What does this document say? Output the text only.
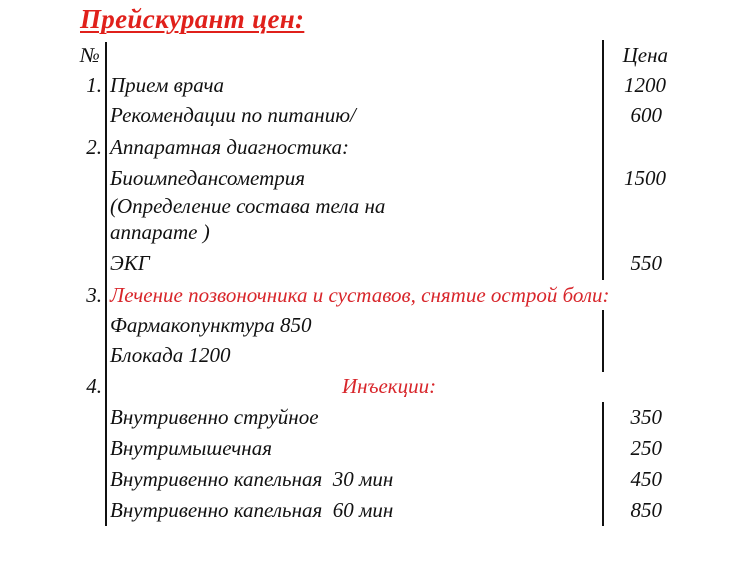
Прейскурант цен:
№	Цена
1. Прием врача	1200
Рекомендации по питанию/	600
2. Аппаратная диагностика:
Биоимпедансометрия	1500
(Определение состава тела на
аппарате )
ЭКГ	550
3. Лечение позвоночника и суставов, снятие острой боли:
Фармакопунктура 850
Блокада 1200
4.	Инъекции:
Внутривенно струйное	350
Внутримышечная	250
Внутривенно капельная  30 мин	450
Внутривенно капельная  60 мин	850
